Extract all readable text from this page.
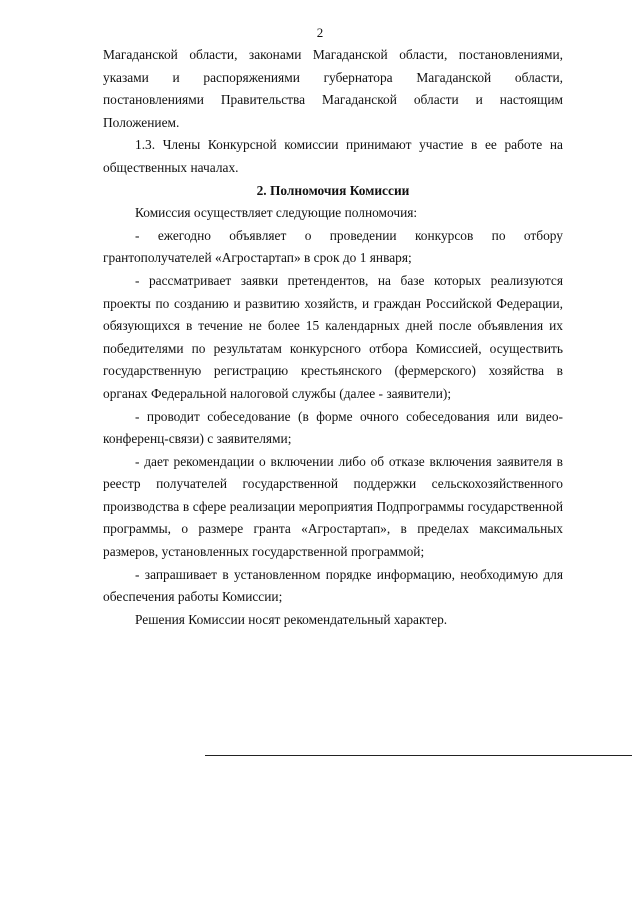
2

Магаданской области, законами Магаданской области, постановлениями, указами и распоряжениями губернатора Магаданской области, постановлениями Правительства Магаданской области и настоящим Положением.

1.3. Члены Конкурсной комиссии принимают участие в ее работе на общественных началах.

2. Полномочия Комиссии

Комиссия осуществляет следующие полномочия:

- ежегодно объявляет о проведении конкурсов по отбору грантополучателей «Агростартап» в срок до 1 января;

- рассматривает заявки претендентов, на базе которых реализуются проекты по созданию и развитию хозяйств, и граждан Российской Федерации, обязующихся в течение не более 15 календарных дней после объявления их победителями по результатам конкурсного отбора Комиссией, осуществить государственную регистрацию крестьянского (фермерского) хозяйства в органах Федеральной налоговой службы (далее - заявители);

- проводит собеседование (в форме очного собеседования или видео-конференц-связи) с заявителями;

- дает рекомендации о включении либо об отказе включения заявителя в реестр получателей государственной поддержки сельскохозяйственного производства в сфере реализации мероприятия Подпрограммы государственной программы, о размере гранта «Агростартап», в пределах максимальных размеров, установленных государственной программой;

- запрашивает в установленном порядке информацию, необходимую для обеспечения работы Комиссии;

Решения Комиссии носят рекомендательный характер.
